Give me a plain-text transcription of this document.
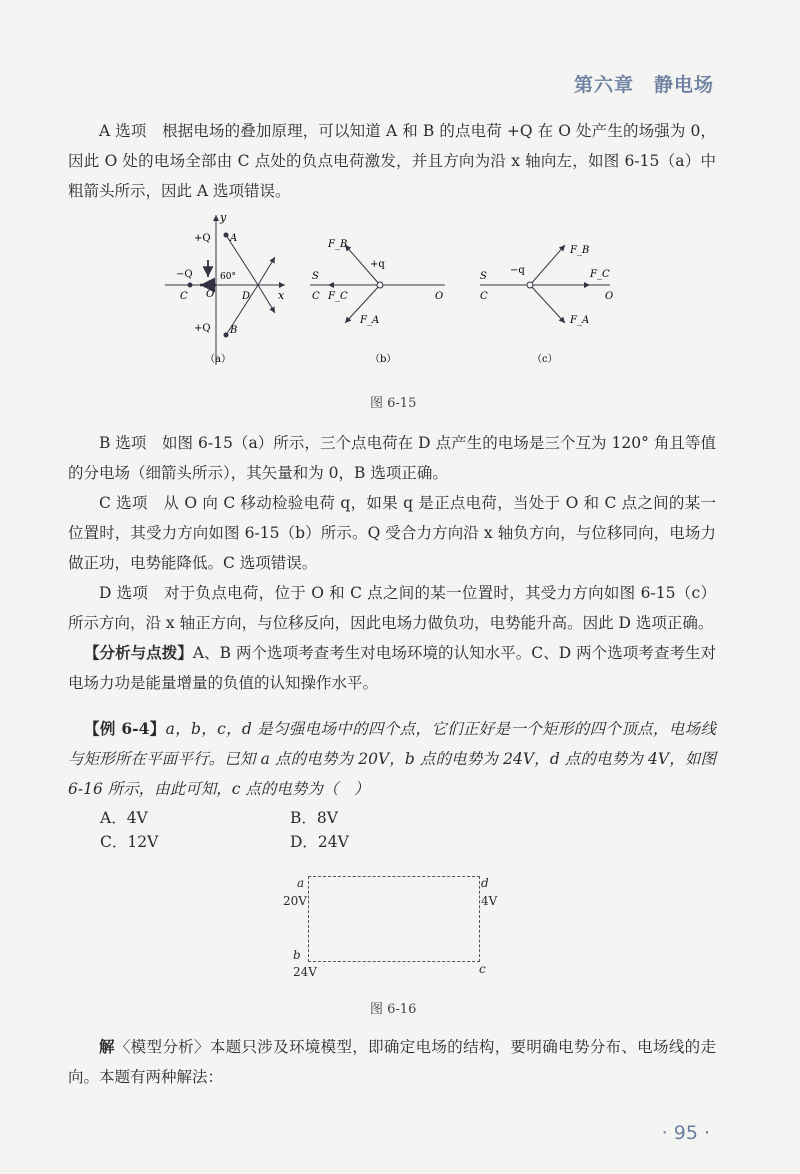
第六章　静电场
A 选项　根据电场的叠加原理，可以知道 A 和 B 的点电荷 +Q 在 O 处产生的场强为 0，因此 O 处的电场全部由 C 点处的负点电荷激发，并且方向为沿 x 轴向左，如图 6-15（a）中粗箭头所示，因此 A 选项错误。
y
x
+Q A
+Q B
−Q
C O
60°
D
（a）
F_B
+q
S
C F_C
F_A
O
（b）
F_B
−q
S
C
F_C
F_A
O
（c）
图 6-15
B 选项　如图 6-15（a）所示，三个点电荷在 D 点产生的电场是三个互为 120° 角且等值的分电场（细箭头所示），其矢量和为 0，B 选项正确。
C 选项　从 O 向 C 移动检验电荷 q，如果 q 是正点电荷，当处于 O 和 C 点之间的某一位置时，其受力方向如图 6-15（b）所示。Q 受合力方向沿 x 轴负方向，与位移同向，电场力做正功，电势能降低。C 选项错误。
D 选项　对于负点电荷，位于 O 和 C 点之间的某一位置时，其受力方向如图 6-15（c）所示方向，沿 x 轴正方向，与位移反向，因此电场力做负功，电势能升高。因此 D 选项正确。
【分析与点拨】A、B 两个选项考查考生对电场环境的认知水平。C、D 两个选项考查考生对电场力功是能量增量的负值的认知操作水平。
【例 6-4】a，b，c，d 是匀强电场中的四个点，它们正好是一个矩形的四个顶点，电场线与矩形所在平面平行。已知 a 点的电势为 20V，b 点的电势为 24V，d 点的电势为 4V，如图 6-16 所示，由此可知，c 点的电势为（　）
A．4V	B．8V
C．12V	D．24V
a
20V
d
4V
b
24V	c
图 6-16
解〈模型分析〉本题只涉及环境模型，即确定电场的结构，要明确电势分布、电场线的走向。本题有两种解法：
· 95 ·
